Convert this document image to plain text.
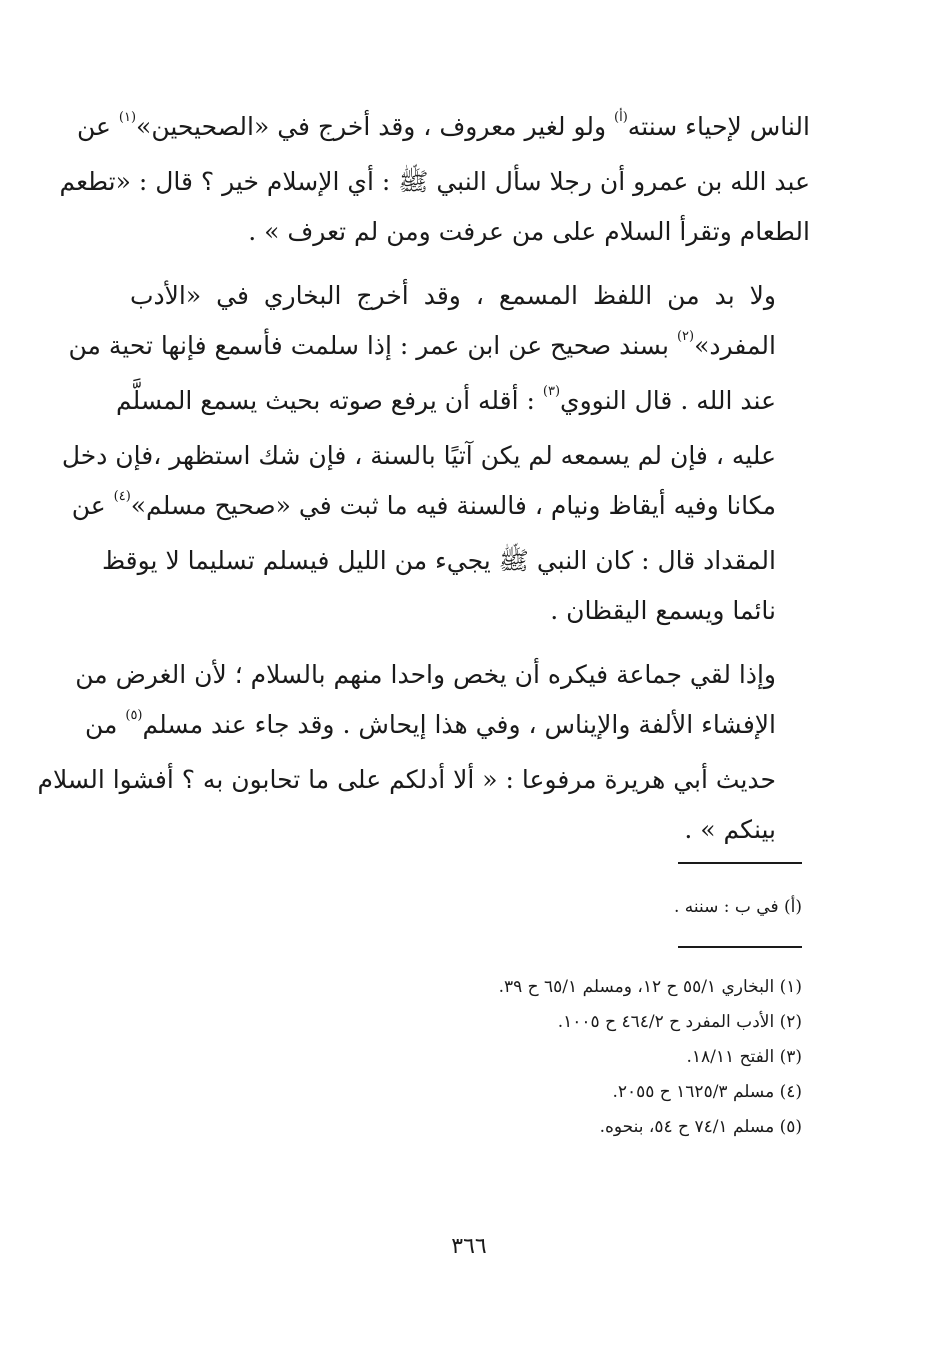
الناس لإحياء سنته$^{(أ)}$ ولو لغير معروف ، وقد أخرج في «الصحيحين»$^{(١)}$ عن
عبد الله بن عمرو أن رجلا سأل النبي ﷺ : أي الإسلام خير ؟ قال : «تطعم
الطعام وتقرأ السلام على من عرفت ومن لم تعرف » .

ولا بد من اللفظ المسمع ، وقد أخرج البخاري في «الأدب
المفرد»$^{(٢)}$ بسند صحيح عن ابن عمر : إذا سلمت فأسمع فإنها تحية من
عند الله . قال النووي$^{(٣)}$ : أقله أن يرفع صوته بحيث يسمع المسلَّم
عليه ، فإن لم يسمعه لم يكن آتيًا بالسنة ، فإن شك استظهر ،فإن دخل
مكانا وفيه أيقاظ ونيام ، فالسنة فيه ما ثبت في «صحيح مسلم»$^{(٤)}$ عن
المقداد قال : كان النبي ﷺ يجيء من الليل فيسلم تسليما لا يوقظ
نائما ويسمع اليقظان .

وإذا لقي جماعة فيكره أن يخص واحدا منهم بالسلام ؛ لأن الغرض من
الإفشاء الألفة والإيناس ، وفي هذا إيحاش . وقد جاء عند مسلم$^{(٥)}$ من
حديث أبي هريرة مرفوعا : « ألا أدلكم على ما تحابون به ؟ أفشوا السلام
بينكم » .

(أ) في ب : سننه .
(١) البخاري ٥٥/١ ح ١٢، ومسلم ٦٥/١ ح ٣٩.
(٢) الأدب المفرد ح ٤٦٤/٢ ح ١٠٠٥.
(٣) الفتح ١٨/١١.
(٤) مسلم ١٦٢٥/٣ ح ٢٠٥٥.
(٥) مسلم ٧٤/١ ح ٥٤، بنحوه.
٣٦٦
